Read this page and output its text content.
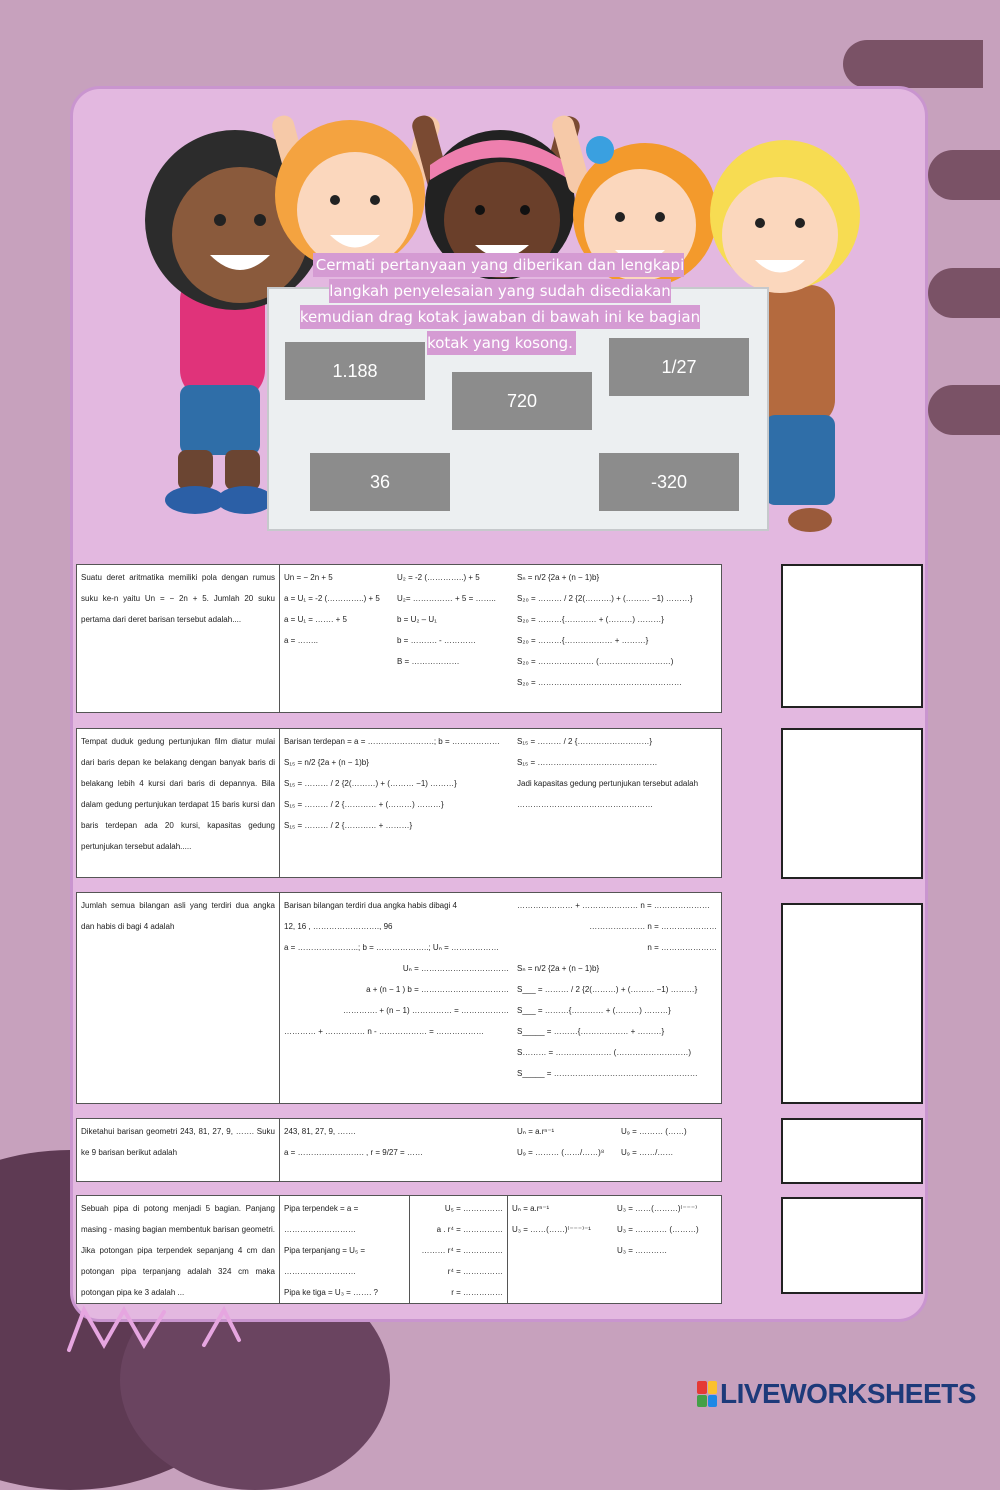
Cermati pertanyaan yang diberikan dan lengkapi langkah penyelesaian yang sudah disediakan kemudian drag kotak jawaban di bawah ini ke bagian kotak yang kosong.
1.188
720
1/27
36	-320
Suatu deret aritmatika memiliki pola dengan rumus suku ke-n yaitu Un = − 2n + 5. Jumlah 20 suku pertama dari deret barisan tersebut adalah....
Un = − 2n + 5
a = U₁ = -2 (…………..) + 5
a = U₁ = ……. + 5
a = ……..
U₂ = -2 (…………..) + 5
U₂= …………… + 5 = ……..
b = U₂ – U₁
b = ………. - …………
B = ………………
Sₙ = n/2 {2a + (n − 1)b}
S₂₀ = ……… / 2 {2(……….) + (……… −1) ………}
S₂₀ = ………{………… + (………) ………}
S₂₀ = ………{……………… + ………}
S₂₀ = ………………… (………………………)
S₂₀ = ………………………………………………
Tempat duduk gedung pertunjukan film diatur mulai dari baris depan ke belakang dengan banyak baris di belakang lebih 4 kursi dari baris di depannya. Bila dalam gedung pertunjukan terdapat 15 baris kursi dan baris terdepan ada 20 kursi, kapasitas gedung pertunjukan tersebut adalah.....
Barisan terdepan = a = …………………….; b = ………………
S₁₅ = n/2 {2a + (n − 1)b}
S₁₅ = ……… / 2 {2(………) + (……… −1) ………}
S₁₅ = ……… / 2 {………… + (………) ………}
S₁₅ = ……… / 2 {………… + ………}
S₁₅ = ……… / 2 {………………………}
S₁₅ = ………………………………………
Jadi kapasitas gedung pertunjukan tersebut adalah
……………………………………………
Jumlah semua bilangan asli yang terdiri dua angka dan habis di bagi 4 adalah
Barisan bilangan terdiri dua angka habis dibagi 4
12, 16 , ……………………., 96
a = …………………..; b = ………………..; Uₙ = ………………
Uₙ = ……………………………
a + (n − 1 ) b = ……………………………
…………. + (n − 1) …………… = ………………
………… + …………… n - ……………… = ………………
………………… + ………………… n = …………………
………………… n = …………………
n = …………………
Sₙ = n/2 {2a + (n − 1)b}
S___ = ……… / 2 {2(………) + (……… −1) ………}
S___ = ………{………… + (………) ………}
S_____ = ………{……………… + ………}
S……… = ………………… (………………………)
S_____ = ………………………………………………
Diketahui barisan geometri 243, 81, 27, 9, ……. Suku ke 9 barisan berikut adalah
243, 81, 27, 9, …….
a = ……………………. , r = 9/27 = ……
Uₙ = a.rⁿ⁻¹
U₉ = ……… (……/……)⁸
U₉ = ……… (……)
U₉ = ……/……
Sebuah pipa di potong menjadi 5 bagian. Panjang masing - masing bagian membentuk barisan geometri. Jika potongan pipa terpendek sepanjang 4 cm dan potongan pipa terpanjang adalah 324 cm maka potongan pipa ke 3 adalah ...
Pipa terpendek = a =
………………………
Pipa terpanjang = U₅ =
………………………
Pipa ke tiga = U₃ = ……. ?
U₅ = ……………
a . r⁴ = ……………
……… r⁴ = ……………
r⁴ = ……………
r = ……………
Uₙ = a.rⁿ⁻¹
U₃ = ……(……)⁽⁻⁻⁻⁾⁻¹
U₃ = ……(………)⁽⁻⁻⁻⁾
U₃ = ………… (………)
U₃ = …………
LIVEWORKSHEETS
